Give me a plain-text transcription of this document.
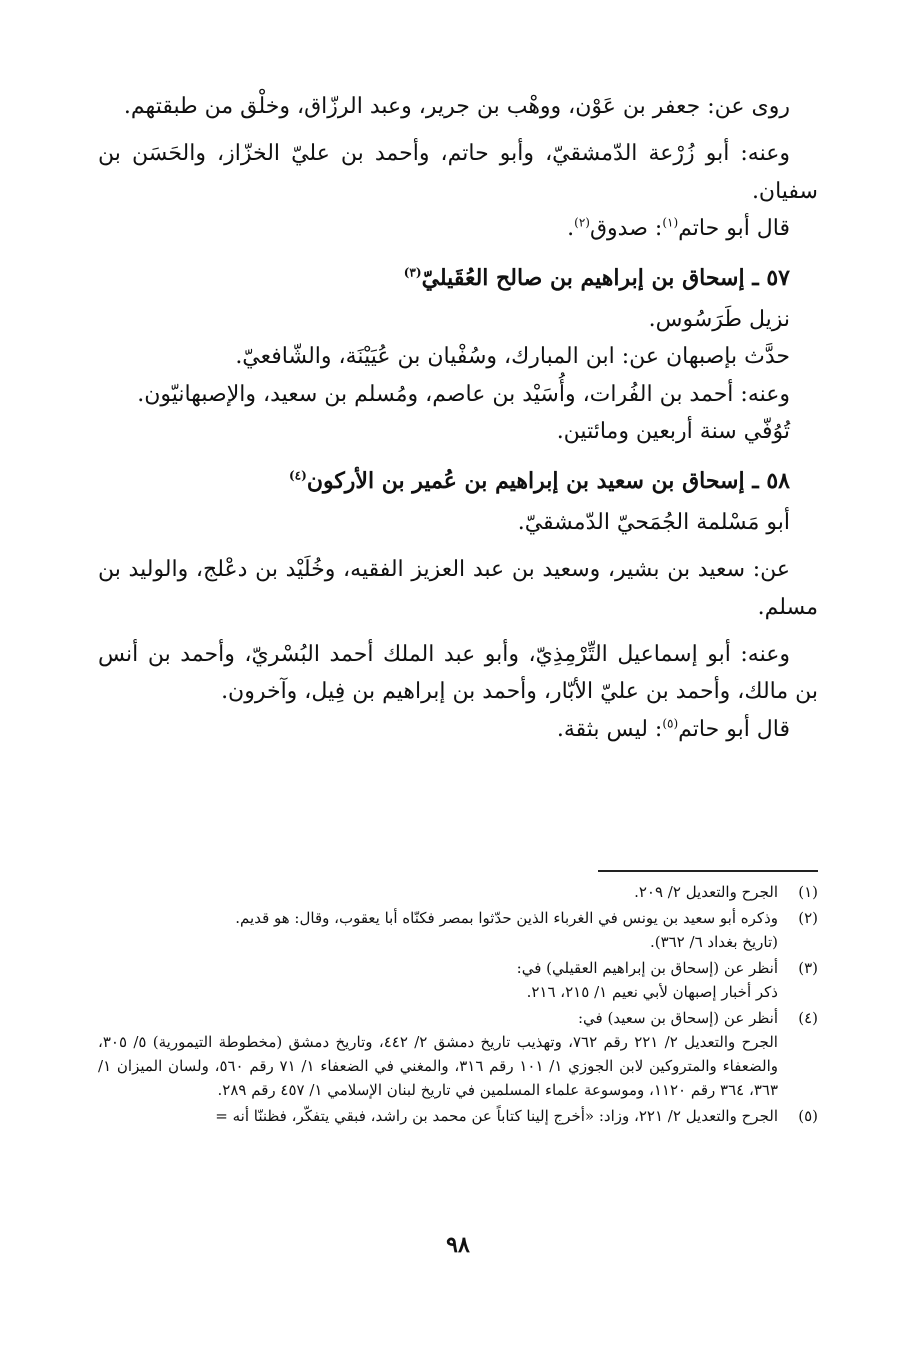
روى عن: جعفر بن عَوْن، ووهْب بن جرير، وعبد الرزّاق، وخلْق من طبقتهم.

وعنه: أبو زُرْعة الدّمشقيّ، وأبو حاتم، وأحمد بن عليّ الخزّاز، والحَسَن بن سفيان.

قال أبو حاتم$^{(١)}$: صدوق$^{(٢)}$.

٥٧ ـ إسحاق بن إبراهيم بن صالح العُقَيليّ$^{(٣)}$

نزيل طَرَسُوس.

حدَّث بإصبهان عن: ابن المبارك، وسُفْيان بن عُيَيْنَة، والشّافعيّ.

وعنه: أحمد بن الفُرات، وأُسَيْد بن عاصم، ومُسلم بن سعيد، والإصبهانيّون.

تُوُفّي سنة أربعين ومائتين.

٥٨ ـ إسحاق بن سعيد بن إبراهيم بن عُمير بن الأركون$^{(٤)}$

أبو مَسْلمة الجُمَحيّ الدّمشقيّ.

عن: سعيد بن بشير، وسعيد بن عبد العزيز الفقيه، وخُلَيْد بن دعْلج، والوليد بن مسلم.

وعنه: أبو إسماعيل التِّرْمِذِيّ، وأبو عبد الملك أحمد البُسْريّ، وأحمد بن أنس بن مالك، وأحمد بن عليّ الأبّار، وأحمد بن إبراهيم بن فِيل، وآخرون.

قال أبو حاتم$^{(٥)}$: ليس بثقة.

(١)
الجرح والتعديل ٢/ ٢٠٩.
(٢)
وذكره أبو سعيد بن يونس في الغرباء الذين حدّثوا بمصر فكنّاه أبا يعقوب، وقال: هو قديم.
(تاريخ بغداد ٦/ ٣٦٢).
(٣)
أنظر عن (إسحاق بن إبراهيم العقيلي) في:
ذكر أخبار إصبهان لأبي نعيم ١/ ٢١٥، ٢١٦.
(٤)
أنظر عن (إسحاق بن سعيد) في:
الجرح والتعديل ٢/ ٢٢١ رقم ٧٦٢، وتهذيب تاريخ دمشق ٢/ ٤٤٢، وتاريخ دمشق (مخطوطة التيمورية) ٥/ ٣٠٥، والضعفاء والمتروكين لابن الجوزي ١/ ١٠١ رقم ٣١٦، والمغني في الضعفاء ١/ ٧١ رقم ٥٦٠، ولسان الميزان ١/ ٣٦٣، ٣٦٤ رقم ١١٢٠، وموسوعة علماء المسلمين في تاريخ لبنان الإسلامي ١/ ٤٥٧ رقم ٢٨٩.
(٥)
الجرح والتعديل ٢/ ٢٢١، وزاد: «أخرج إلينا كتاباً عن محمد بن راشد، فبقي يتفكّر، فظننّا أنه =
٩٨
